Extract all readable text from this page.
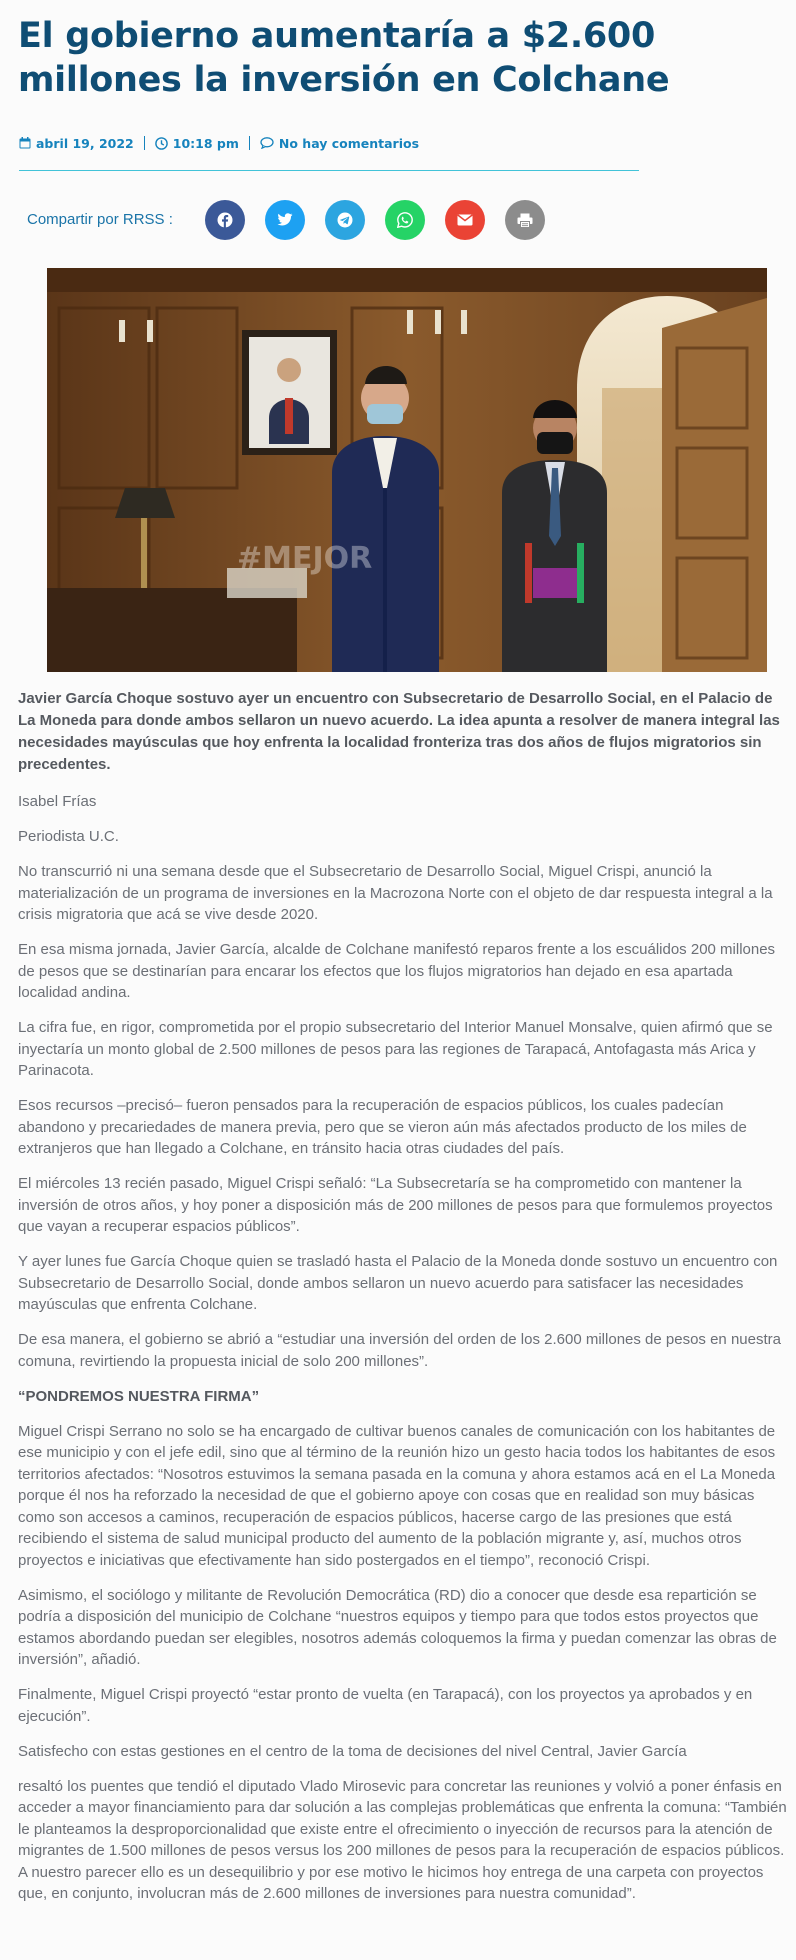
El gobierno aumentaría a $2.600 millones la inversión en Colchane
abril 19, 2022	10:18 pm	No hay comentarios
Compartir por RRSS :
#MEJOR

Javier García Choque sostuvo ayer un encuentro con Subsecretario de Desarrollo Social, en el Palacio de La Moneda para donde ambos sellaron un nuevo acuerdo. La idea apunta a resolver de manera integral las necesidades mayúsculas que hoy enfrenta la localidad fronteriza tras dos años de flujos migratorios sin precedentes.

Isabel Frías

Periodista U.C.

No transcurrió ni una semana desde que el Subsecretario de Desarrollo Social, Miguel Crispi, anunció la materialización de un programa de inversiones en la Macrozona Norte con el objeto de dar respuesta integral a la crisis migratoria que acá se vive desde 2020.

En esa misma jornada, Javier García, alcalde de Colchane manifestó reparos frente a los escuálidos 200 millones de pesos que se destinarían para encarar los efectos que los flujos migratorios han dejado en esa apartada localidad andina.

La cifra fue, en rigor, comprometida por el propio subsecretario del Interior Manuel Monsalve, quien afirmó que se inyectaría un monto global de 2.500 millones de pesos para las regiones de Tarapacá, Antofagasta más Arica y Parinacota.

Esos recursos –precisó– fueron pensados para la recuperación de espacios públicos, los cuales padecían abandono y precariedades de manera previa, pero que se vieron aún más afectados producto de los miles de extranjeros que han llegado a Colchane, en tránsito hacia otras ciudades del país.

El miércoles 13 recién pasado, Miguel Crispi señaló: “La Subsecretaría se ha comprometido con mantener la inversión de otros años, y hoy poner a disposición más de 200 millones de pesos para que formulemos proyectos que vayan a recuperar espacios públicos”.

Y ayer lunes fue García Choque quien se trasladó hasta el Palacio de la Moneda donde sostuvo un encuentro con Subsecretario de Desarrollo Social, donde ambos sellaron un nuevo acuerdo para satisfacer las necesidades mayúsculas que enfrenta Colchane.

De esa manera, el gobierno se abrió a “estudiar una inversión del orden de los 2.600 millones de pesos en nuestra comuna, revirtiendo la propuesta inicial de solo 200 millones”.

“PONDREMOS NUESTRA FIRMA”

Miguel Crispi Serrano no solo se ha encargado de cultivar buenos canales de comunicación con los habitantes de ese municipio y con el jefe edil, sino que al término de la reunión hizo un gesto hacia todos los habitantes de esos territorios afectados: “Nosotros estuvimos la semana pasada en la comuna y ahora estamos acá en el La Moneda porque él nos ha reforzado la necesidad de que el gobierno apoye con cosas que en realidad son muy básicas como son accesos a caminos, recuperación de espacios públicos, hacerse cargo de las presiones que está recibiendo el sistema de salud municipal producto del aumento de la población migrante y, así, muchos otros proyectos e iniciativas que efectivamente han sido postergados en el tiempo”, reconoció Crispi.

Asimismo, el sociólogo y militante de Revolución Democrática (RD) dio a conocer que desde esa repartición se podría a disposición del municipio de Colchane “nuestros equipos y tiempo para que todos estos proyectos que estamos abordando puedan ser elegibles, nosotros además coloquemos la firma y puedan comenzar las obras de inversión”, añadió.

Finalmente, Miguel Crispi proyectó “estar pronto de vuelta (en Tarapacá), con los proyectos ya aprobados y en ejecución”.

Satisfecho con estas gestiones en el centro de la toma de decisiones del nivel Central, Javier García

resaltó los puentes que tendió el diputado Vlado Mirosevic para concretar las reuniones y volvió a poner énfasis en acceder a mayor financiamiento para dar solución a las complejas problemáticas que enfrenta la comuna: “También le planteamos la desproporcionalidad que existe entre el ofrecimiento o inyección de recursos para la atención de migrantes de 1.500 millones de pesos versus los 200 millones de pesos para la recuperación de espacios públicos. A nuestro parecer ello es un desequilibrio y por ese motivo le hicimos hoy entrega de una carpeta con proyectos que, en conjunto, involucran más de 2.600 millones de inversiones para nuestra comunidad”.
